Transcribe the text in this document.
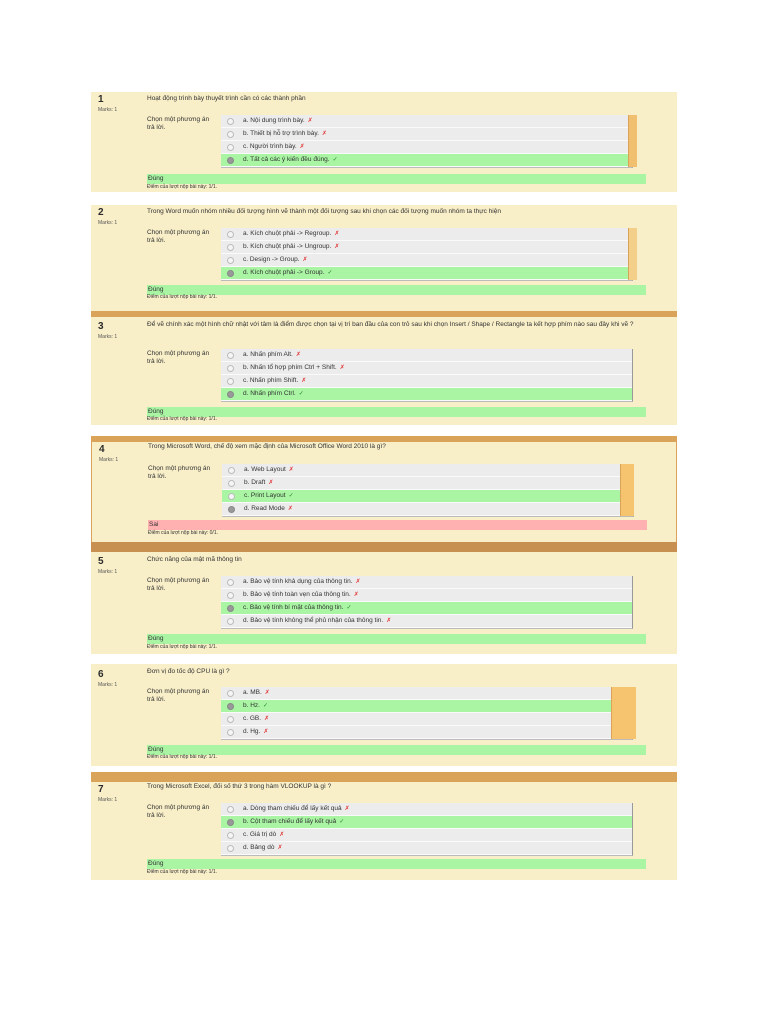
1
Marks: 1
Hoạt động trình bày thuyết trình cần có các thành phần
Chọn một phương án trả lời.
a. Nội dung trình bày. ✗
b. Thiết bị hỗ trợ trình bày. ✗
c. Người trình bày. ✗
d. Tất cả các ý kiến đều đúng. ✓
Đúng
Điểm của lượt nộp bài này: 1/1.
2
Marks: 1
Trong Word muốn nhóm nhiều đối tượng hình vẽ thành một đối tượng sau khi chọn các đối tượng muốn nhóm ta thực hiện
Chọn một phương án trả lời.
a. Kích chuột phải -> Regroup. ✗
b. Kích chuột phải -> Ungroup. ✗
c. Design -> Group. ✗
d. Kích chuột phải -> Group. ✓
Đúng
Điểm của lượt nộp bài này: 1/1.
3
Marks: 1
Để vẽ chính xác một hình chữ nhật với tâm là điểm được chọn tại vị trí ban đầu của con trỏ sau khi chọn Insert / Shape / Rectangle ta kết hợp phím nào sau đây khi vẽ ?
Chọn một phương án trả lời.
a. Nhấn phím Alt. ✗
b. Nhấn tổ hợp phím Ctrl + Shift. ✗
c. Nhấn phím Shift. ✗
d. Nhấn phím Ctrl. ✓
Đúng
Điểm của lượt nộp bài này: 1/1.
4
Marks: 1
Trong Microsoft Word, chế độ xem mặc định của Microsoft Office Word 2010 là gì?
Chọn một phương án trả lời.
a. Web Layout ✗
b. Draft ✗
c. Print Layout ✓
d. Read Mode ✗
Sai
Điểm của lượt nộp bài này: 0/1.
5
Marks: 1
Chức năng của mật mã thông tin
Chọn một phương án trả lời.
a. Bảo vệ tính khả dụng của thông tin. ✗
b. Bảo vệ tính toàn vẹn của thông tin. ✗
c. Bảo vệ tính bí mật của thông tin. ✓
d. Bảo vệ tính không thể phủ nhận của thông tin. ✗
Đúng
Điểm của lượt nộp bài này: 1/1.
6
Marks: 1
Đơn vị đo tốc độ CPU là gì ?
Chọn một phương án trả lời.
a. MB. ✗
b. Hz. ✓
c. GB. ✗
d. Hg. ✗
Đúng
Điểm của lượt nộp bài này: 1/1.
7
Marks: 1
Trong Microsoft Excel, đối số thứ 3 trong hàm VLOOKUP là gì ?
Chọn một phương án trả lời.
a. Dòng tham chiếu để lấy kết quả ✗
b. Cột tham chiếu để lấy kết quả ✓
c. Giá trị dò ✗
d. Bảng dò ✗
Đúng
Điểm của lượt nộp bài này: 1/1.
